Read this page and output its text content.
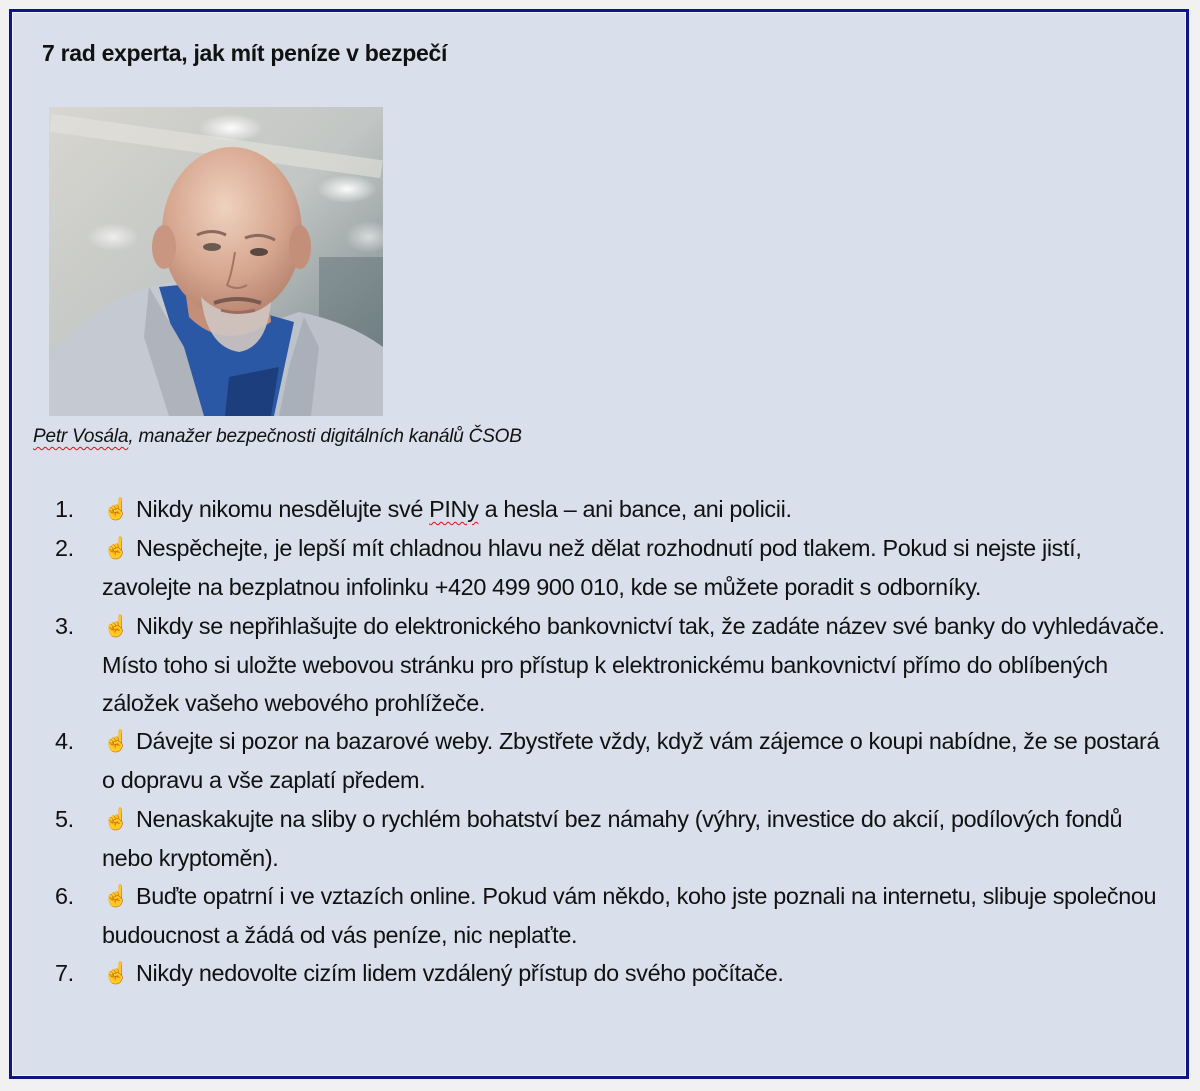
7 rad experta, jak mít peníze v bezpečí
Petr Vosála, manažer bezpečnosti digitálních kanálů ČSOB
1. ☝ Nikdy nikomu nesdělujte své PINy a hesla – ani bance, ani policii.
2. ☝ Nespěchejte, je lepší mít chladnou hlavu než dělat rozhodnutí pod tlakem. Pokud si nejste jistí, zavolejte na bezplatnou infolinku +420 499 900 010, kde se můžete poradit s odborníky.
3. ☝ Nikdy se nepřihlašujte do elektronického bankovnictví tak, že zadáte název své banky do vyhledávače. Místo toho si uložte webovou stránku pro přístup k elektronickému bankovnictví přímo do oblíbených záložek vašeho webového prohlížeče.
4. ☝ Dávejte si pozor na bazarové weby. Zbystřete vždy, když vám zájemce o koupi nabídne, že se postará o dopravu a vše zaplatí předem.
5. ☝ Nenaskakujte na sliby o rychlém bohatství bez námahy (výhry, investice do akcií, podílových fondů nebo kryptoměn).
6. ☝ Buďte opatrní i ve vztazích online. Pokud vám někdo, koho jste poznali na internetu, slibuje společnou budoucnost a žádá od vás peníze, nic neplaťte.
7. ☝ Nikdy nedovolte cizím lidem vzdálený přístup do svého počítače.
